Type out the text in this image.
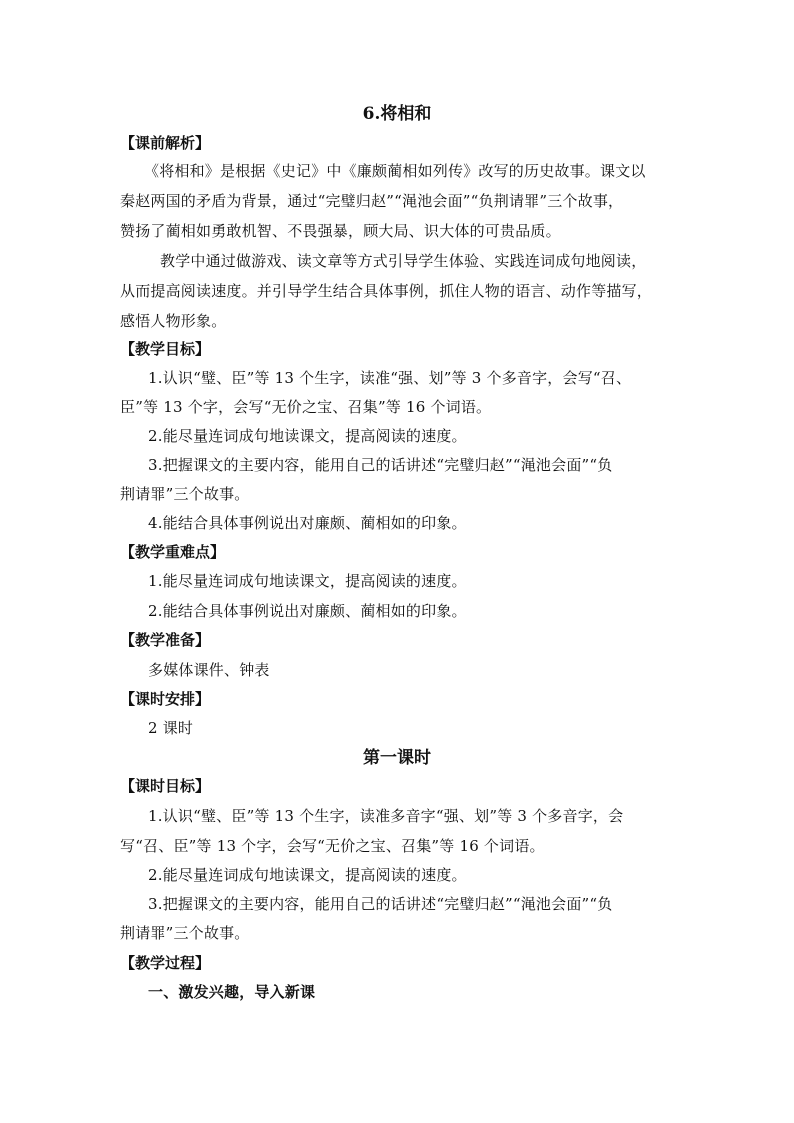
6.将相和
【课前解析】
《将相和》是根据《史记》中《廉颇蔺相如列传》改写的历史故事。课文以
秦赵两国的矛盾为背景，通过“完璧归赵”“渑池会面”“负荆请罪”三个故事，
赞扬了蔺相如勇敢机智、不畏强暴，顾大局、识大体的可贵品质。
教学中通过做游戏、读文章等方式引导学生体验、实践连词成句地阅读，
从而提高阅读速度。并引导学生结合具体事例，抓住人物的语言、动作等描写，
感悟人物形象。
【教学目标】
1.认识“璧、臣”等 13 个生字，读准“强、划”等 3 个多音字，会写“召、
臣”等 13 个字，会写“无价之宝、召集”等 16 个词语。
2.能尽量连词成句地读课文，提高阅读的速度。
3.把握课文的主要内容，能用自己的话讲述“完璧归赵”“渑池会面”“负
荆请罪”三个故事。
4.能结合具体事例说出对廉颇、蔺相如的印象。
【教学重难点】
1.能尽量连词成句地读课文，提高阅读的速度。
2.能结合具体事例说出对廉颇、蔺相如的印象。
【教学准备】
多媒体课件、钟表
【课时安排】
2 课时
第一课时
【课时目标】
1.认识“璧、臣”等 13 个生字，读准多音字“强、划”等 3 个多音字，会
写“召、臣”等 13 个字，会写“无价之宝、召集”等 16 个词语。
2.能尽量连词成句地读课文，提高阅读的速度。
3.把握课文的主要内容，能用自己的话讲述“完璧归赵”“渑池会面”“负
荆请罪”三个故事。
【教学过程】
一、激发兴趣，导入新课
